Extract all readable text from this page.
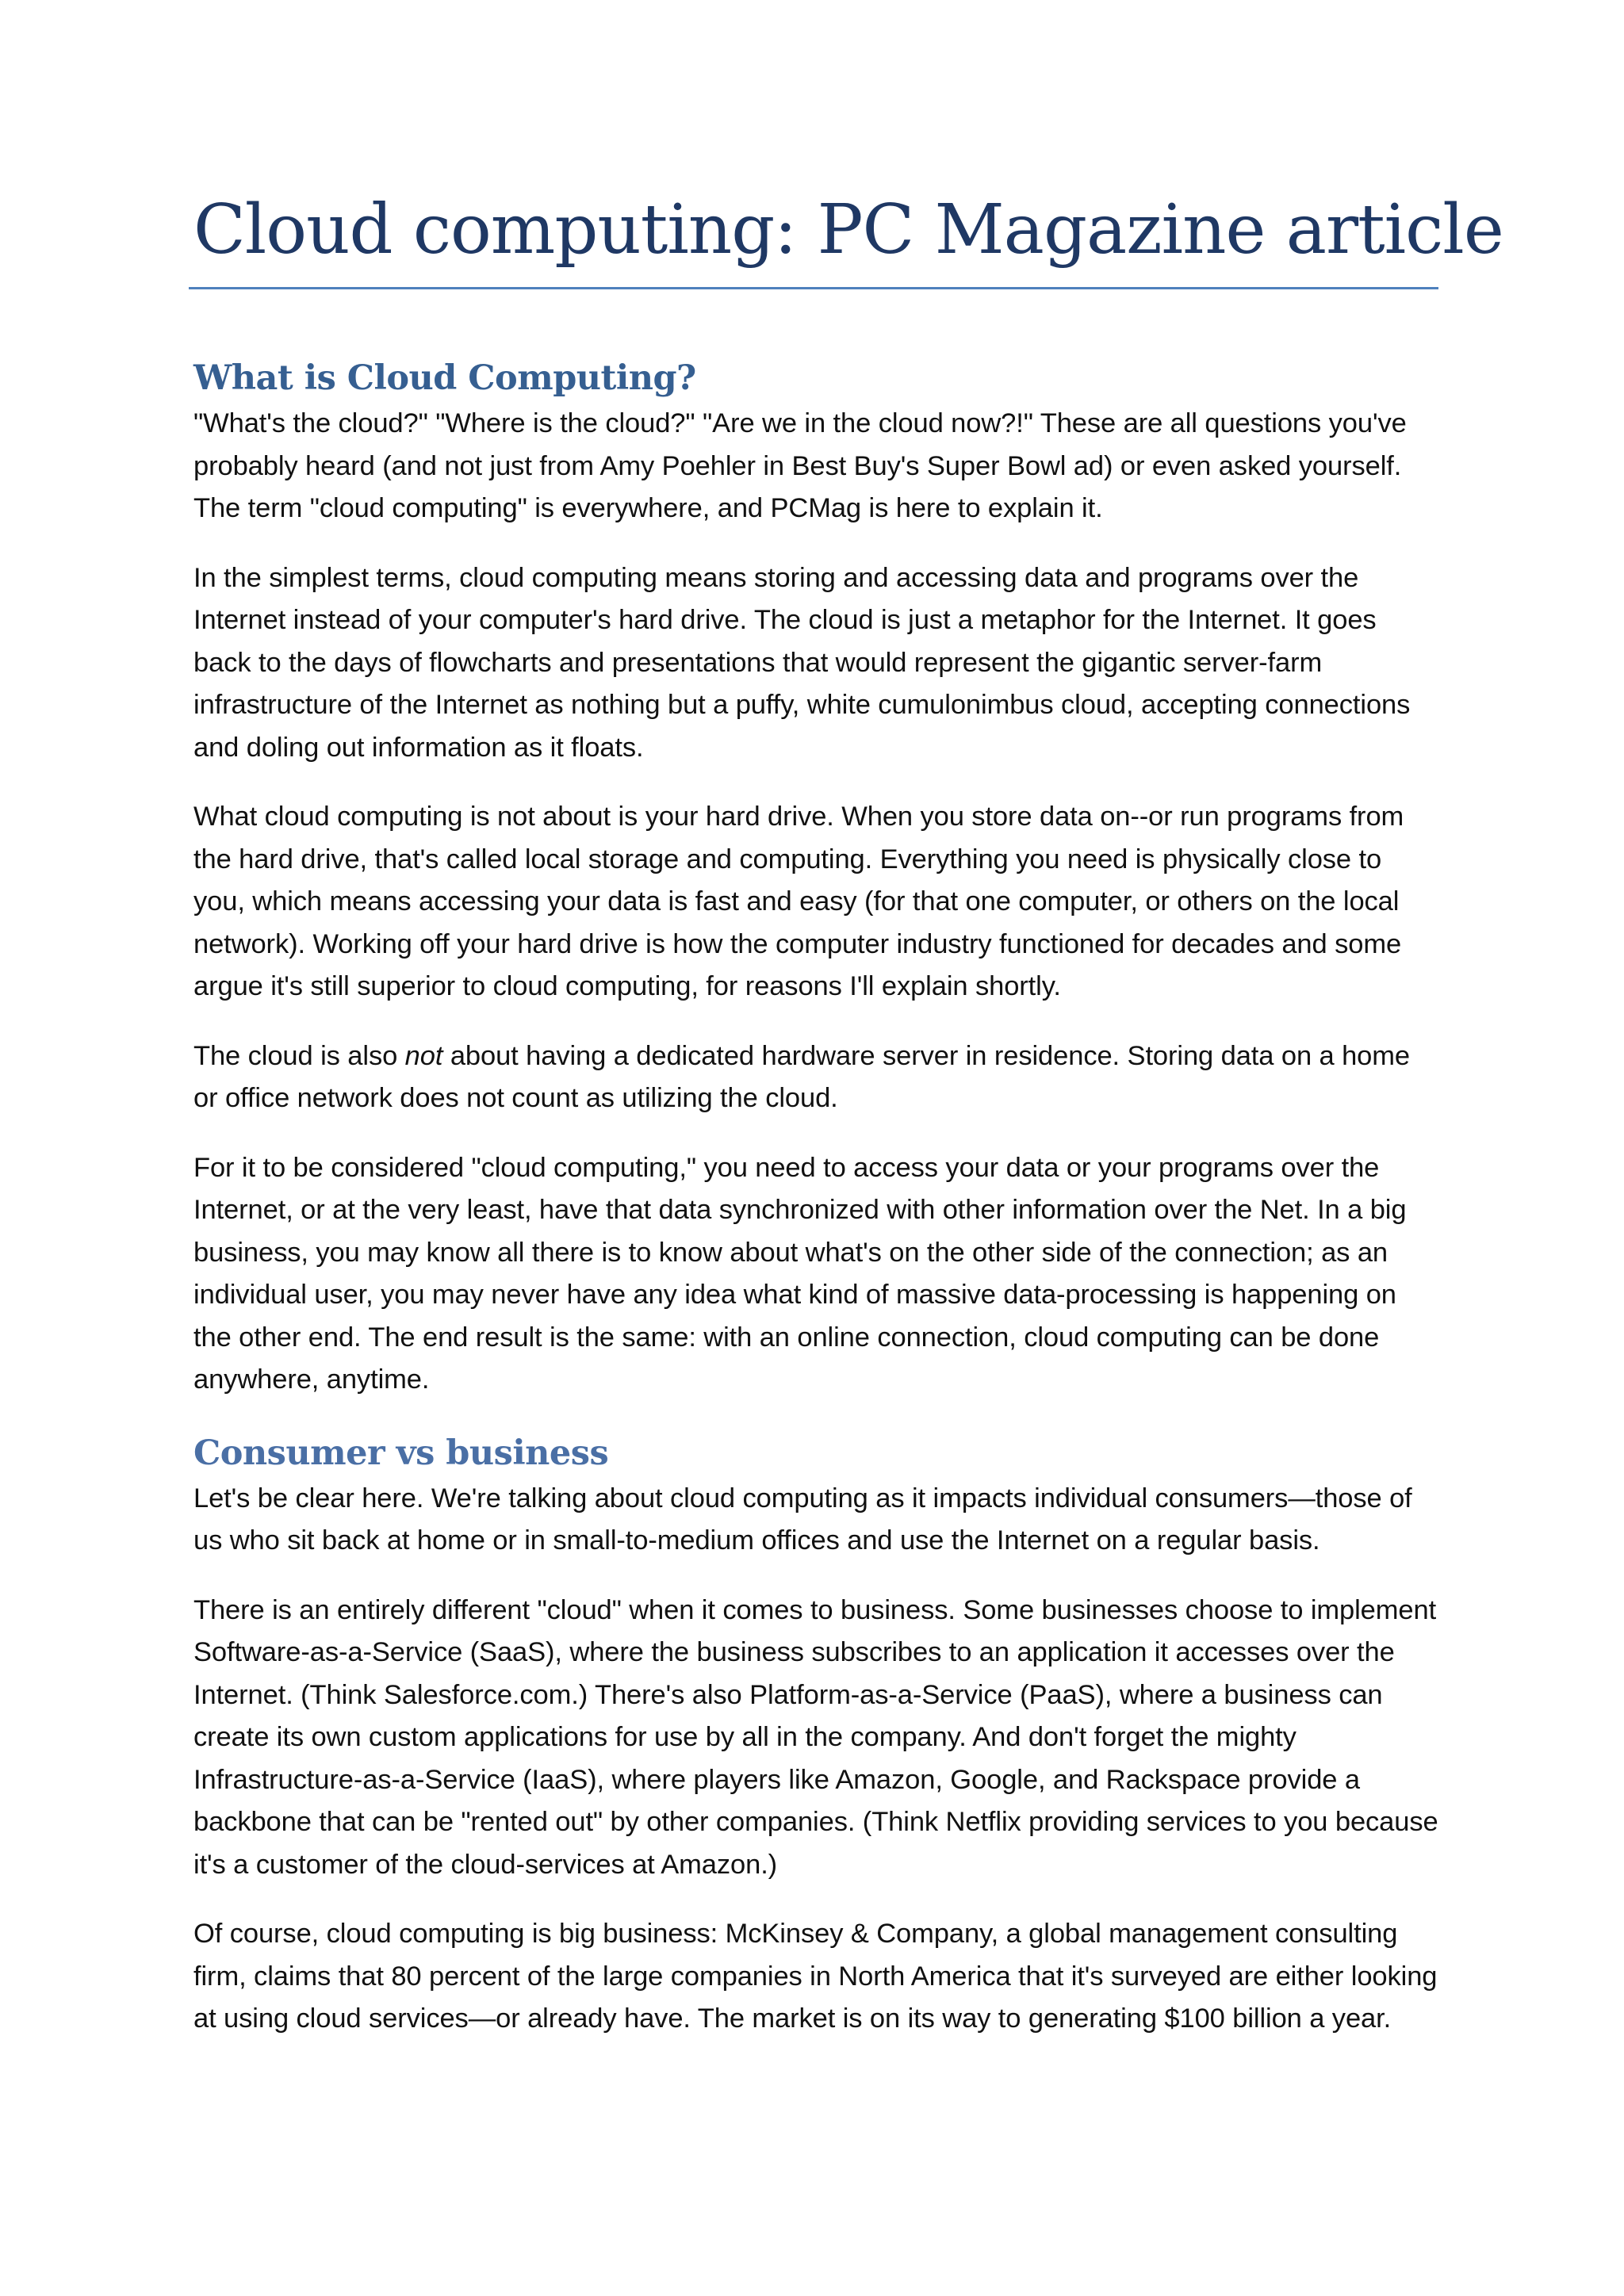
Cloud computing: PC Magazine article
What is Cloud Computing?

"What's the cloud?" "Where is the cloud?" "Are we in the cloud now?!" These are all questions you've probably heard (and not just from Amy Poehler in Best Buy's Super Bowl ad) or even asked yourself. The term "cloud computing" is everywhere, and PCMag is here to explain it.

In the simplest terms, cloud computing means storing and accessing data and programs over the Internet instead of your computer's hard drive. The cloud is just a metaphor for the Internet. It goes back to the days of flowcharts and presentations that would represent the gigantic server-farm infrastructure of the Internet as nothing but a puffy, white cumulonimbus cloud, accepting connections and doling out information as it floats.

What cloud computing is not about is your hard drive. When you store data on--or run programs from the hard drive, that's called local storage and computing. Everything you need is physically close to you, which means accessing your data is fast and easy (for that one computer, or others on the local network). Working off your hard drive is how the computer industry functioned for decades and some argue it's still superior to cloud computing, for reasons I'll explain shortly.

The cloud is also not about having a dedicated hardware server in residence. Storing data on a home or office network does not count as utilizing the cloud.

For it to be considered "cloud computing," you need to access your data or your programs over the Internet, or at the very least, have that data synchronized with other information over the Net. In a big business, you may know all there is to know about what's on the other side of the connection; as an individual user, you may never have any idea what kind of massive data-processing is happening on the other end. The end result is the same: with an online connection, cloud computing can be done anywhere, anytime.

Consumer vs business

Let's be clear here. We're talking about cloud computing as it impacts individual consumers—those of us who sit back at home or in small-to-medium offices and use the Internet on a regular basis.

There is an entirely different "cloud" when it comes to business. Some businesses choose to implement Software-as-a-Service (SaaS), where the business subscribes to an application it accesses over the Internet. (Think Salesforce.com.) There's also Platform-as-a-Service (PaaS), where a business can create its own custom applications for use by all in the company. And don't forget the mighty Infrastructure-as-a-Service (IaaS), where players like Amazon, Google, and Rackspace provide a backbone that can be "rented out" by other companies. (Think Netflix providing services to you because it's a customer of the cloud-services at Amazon.)

Of course, cloud computing is big business: McKinsey & Company, a global management consulting firm, claims that 80 percent of the large companies in North America that it's surveyed are either looking at using cloud services—or already have. The market is on its way to generating $100 billion a year.
